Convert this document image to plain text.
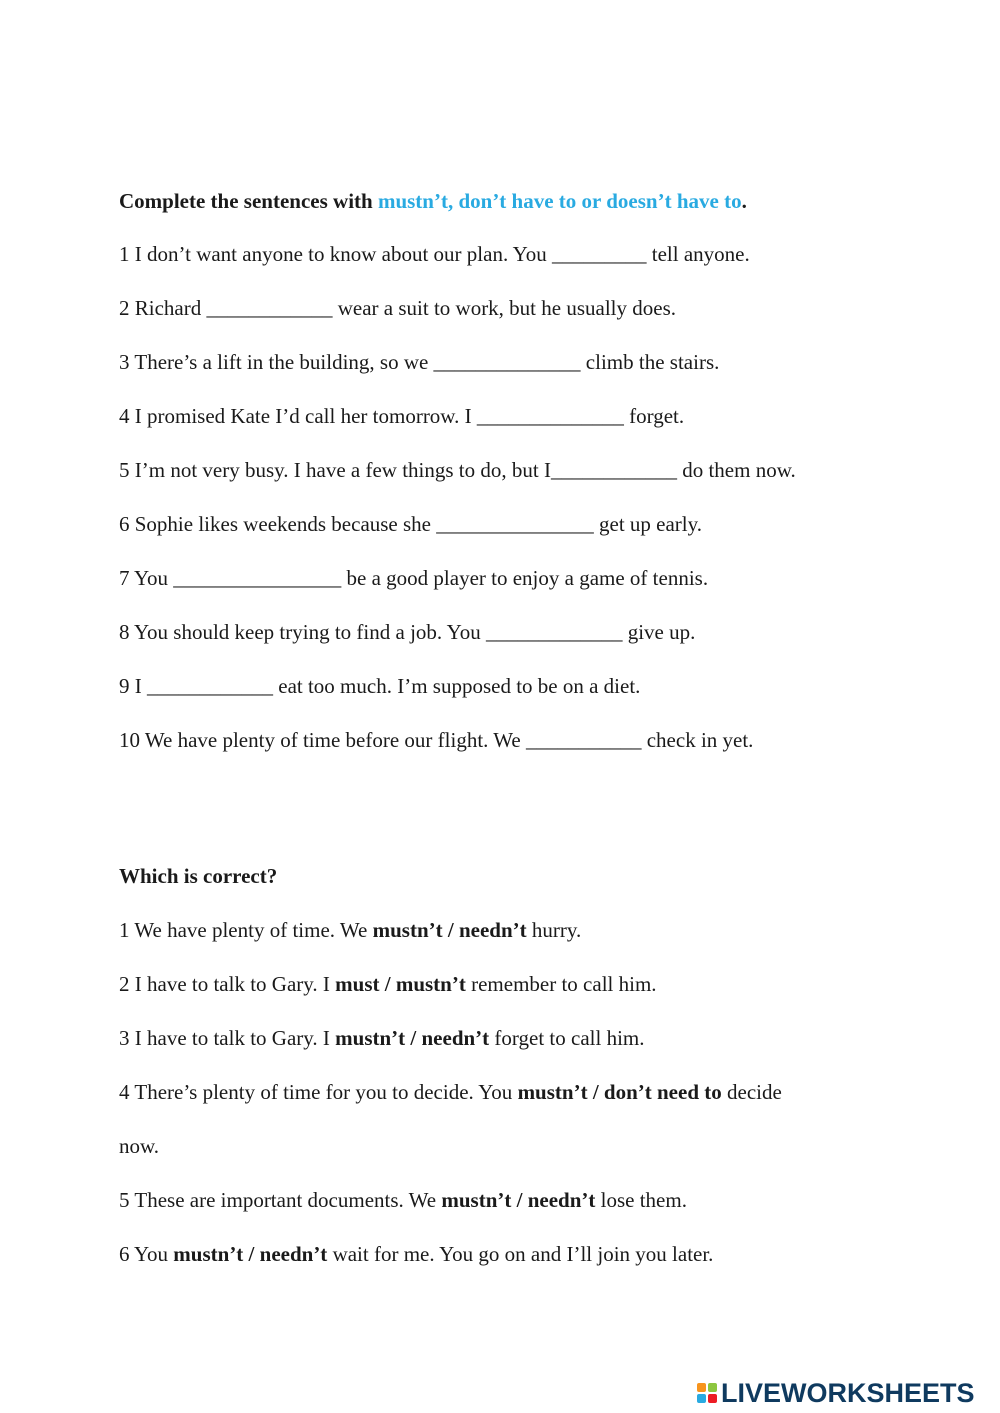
Complete the sentences with mustn’t, don’t have to or doesn’t have to.
1 I don’t want anyone to know about our plan. You _________ tell anyone.
2 Richard ____________ wear a suit to work, but he usually does.
3 There’s a lift in the building, so we ______________ climb the stairs.
4 I promised Kate I’d call her tomorrow. I ______________ forget.
5 I’m not very busy. I have a few things to do, but I____________ do them now.
6 Sophie likes weekends because she _______________ get up early.
7 You ________________ be a good player to enjoy a game of tennis.
8 You should keep trying to find a job. You _____________ give up.
9 I ____________ eat too much. I’m supposed to be on a diet.
10 We have plenty of time before our flight. We ___________ check in yet.
Which is correct?
1 We have plenty of time. We mustn’t / needn’t hurry.
2 I have to talk to Gary. I must / mustn’t remember to call him.
3 I have to talk to Gary. I mustn’t / needn’t forget to call him.
4 There’s plenty of time for you to decide. You mustn’t / don’t need to decide
now.
5 These are important documents. We mustn’t / needn’t lose them.
6 You mustn’t / needn’t wait for me. You go on and I’ll join you later.
LIVEWORKSHEETS
